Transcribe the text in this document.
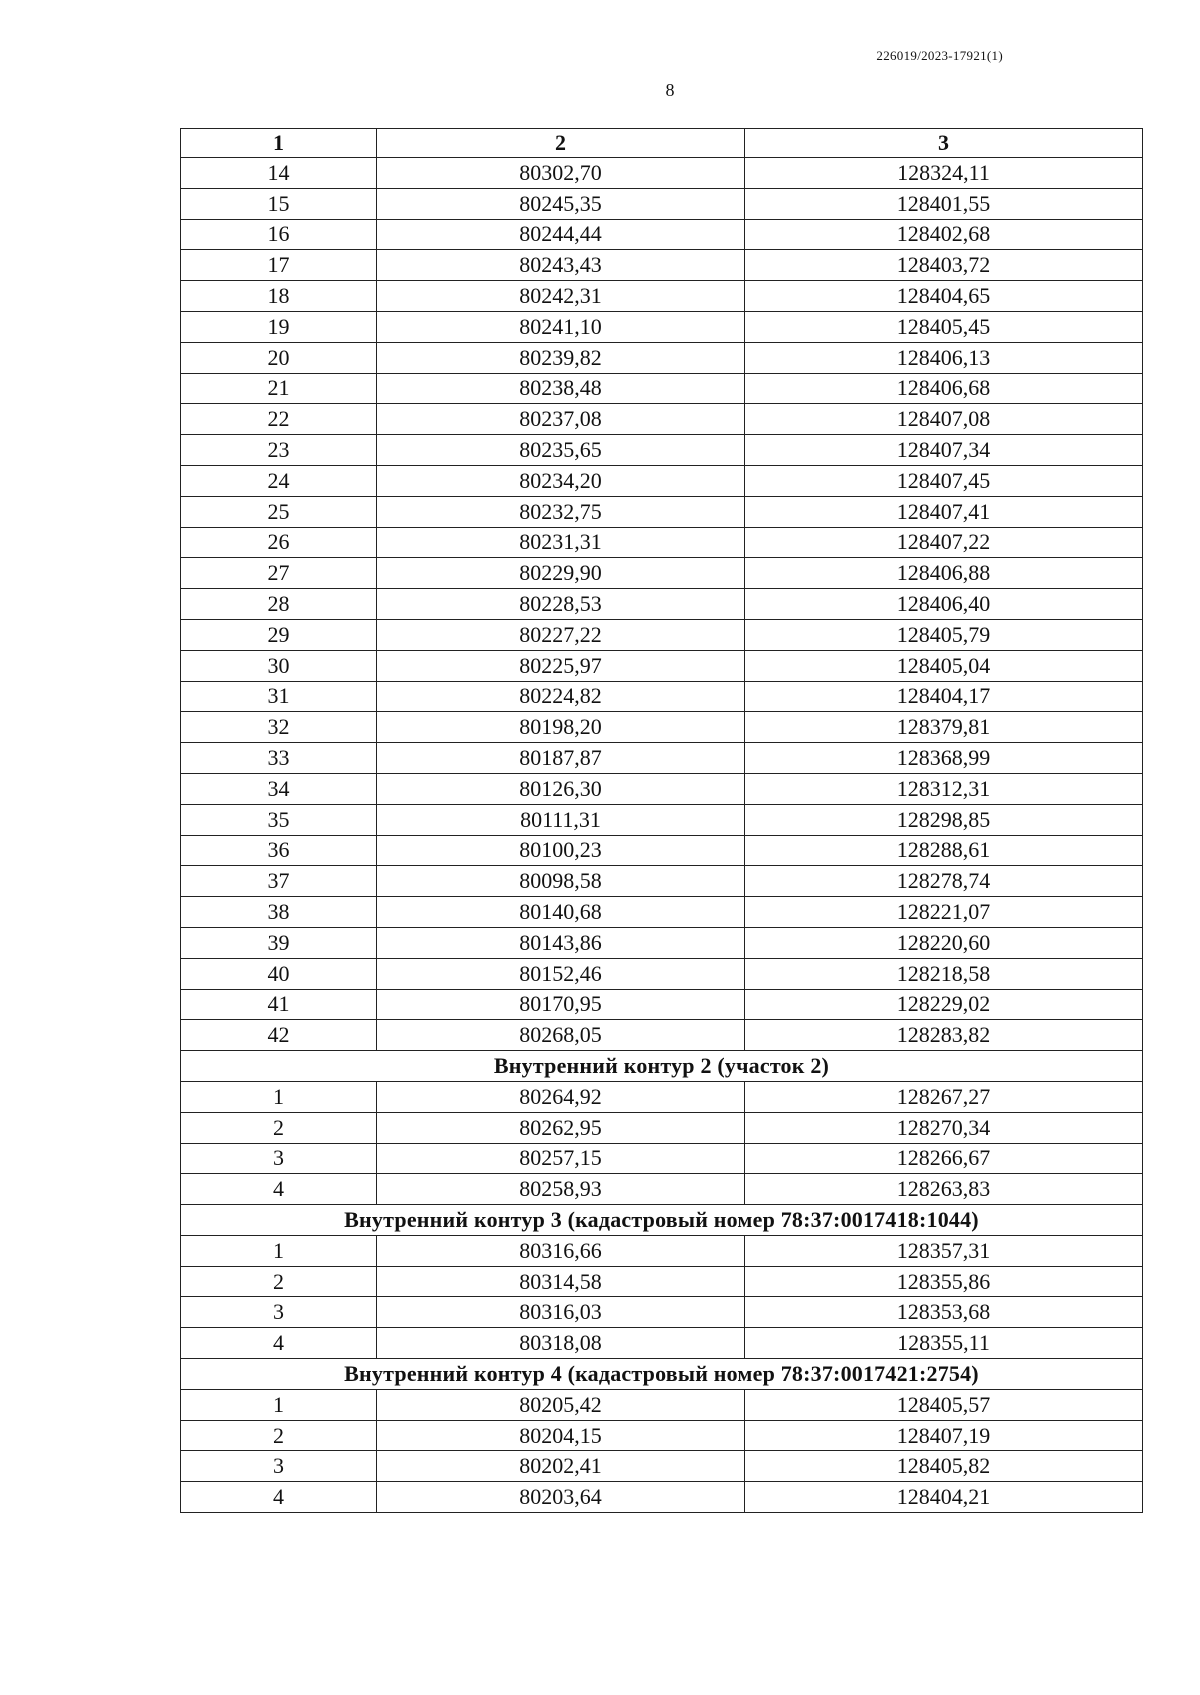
226019/2023-17921(1)
8
1	2	3
14	80302,70	128324,11
15	80245,35	128401,55
16	80244,44	128402,68
17	80243,43	128403,72
18	80242,31	128404,65
19	80241,10	128405,45
20	80239,82	128406,13
21	80238,48	128406,68
22	80237,08	128407,08
23	80235,65	128407,34
24	80234,20	128407,45
25	80232,75	128407,41
26	80231,31	128407,22
27	80229,90	128406,88
28	80228,53	128406,40
29	80227,22	128405,79
30	80225,97	128405,04
31	80224,82	128404,17
32	80198,20	128379,81
33	80187,87	128368,99
34	80126,30	128312,31
35	80111,31	128298,85
36	80100,23	128288,61
37	80098,58	128278,74
38	80140,68	128221,07
39	80143,86	128220,60
40	80152,46	128218,58
41	80170,95	128229,02
42	80268,05	128283,82
Внутренний контур 2 (участок 2)		
1	80264,92	128267,27
2	80262,95	128270,34
3	80257,15	128266,67
4	80258,93	128263,83
Внутренний контур 3 (кадастровый номер 78:37:0017418:1044)		
1	80316,66	128357,31
2	80314,58	128355,86
3	80316,03	128353,68
4	80318,08	128355,11
Внутренний контур 4 (кадастровый номер 78:37:0017421:2754)		
1	80205,42	128405,57
2	80204,15	128407,19
3	80202,41	128405,82
4	80203,64	128404,21
